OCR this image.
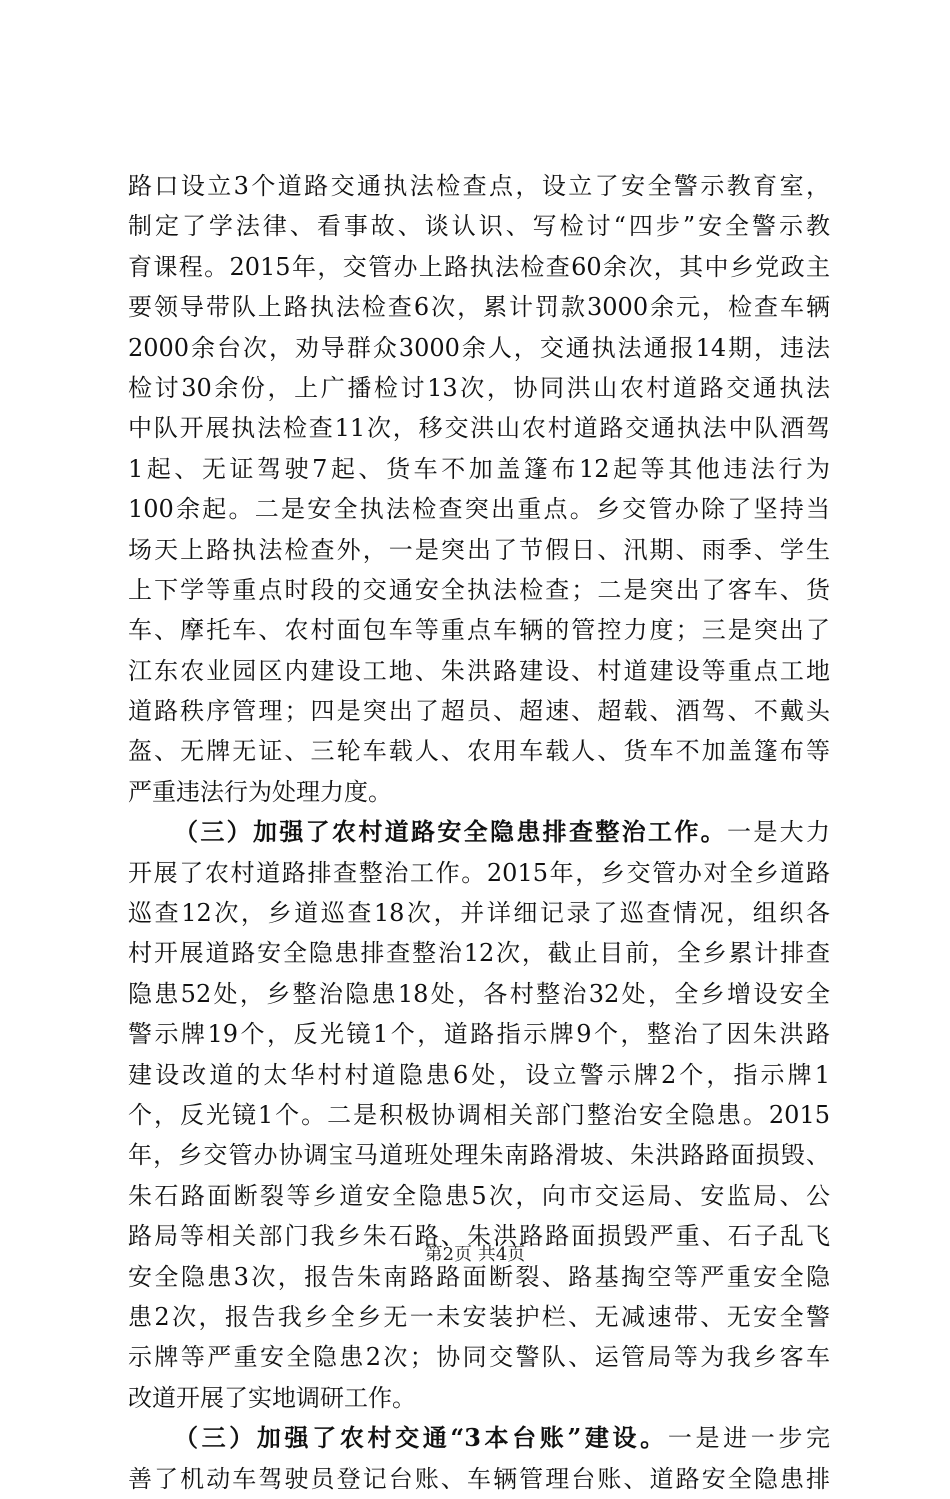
路口设立3个道路交通执法检查点，设立了安全警示教育室，
制定了学法律、看事故、谈认识、写检讨“四步”安全警示教
育课程。2015年，交管办上路执法检查60余次，其中乡党政主
要领导带队上路执法检查6次，累计罚款3000余元，检查车辆
2000余台次，劝导群众3000余人，交通执法通报14期，违法
检讨30余份，上广播检讨13次，协同洪山农村道路交通执法
中队开展执法检查11次，移交洪山农村道路交通执法中队酒驾
1起、无证驾驶7起、货车不加盖篷布12起等其他违法行为
100余起。二是安全执法检查突出重点。乡交管办除了坚持当
场天上路执法检查外，一是突出了节假日、汛期、雨季、学生
上下学等重点时段的交通安全执法检查；二是突出了客车、货
车、摩托车、农村面包车等重点车辆的管控力度；三是突出了
江东农业园区内建设工地、朱洪路建设、村道建设等重点工地
道路秩序管理；四是突出了超员、超速、超载、酒驾、不戴头
盔、无牌无证、三轮车载人、农用车载人、货车不加盖篷布等
严重违法行为处理力度。
（三）加强了农村道路安全隐患排查整治工作。一是大力
开展了农村道路排查整治工作。2015年，乡交管办对全乡道路
巡查12次，乡道巡查18次，并详细记录了巡查情况，组织各
村开展道路安全隐患排查整治12次，截止目前，全乡累计排查
隐患52处，乡整治隐患18处，各村整治32处，全乡增设安全
警示牌19个，反光镜1个，道路指示牌9个，整治了因朱洪路
建设改道的太华村村道隐患6处，设立警示牌2个，指示牌1
个，反光镜1个。二是积极协调相关部门整治安全隐患。2015
年，乡交管办协调宝马道班处理朱南路滑坡、朱洪路路面损毁、
朱石路面断裂等乡道安全隐患5次，向市交运局、安监局、公
路局等相关部门我乡朱石路、朱洪路路面损毁严重、石子乱飞
安全隐患3次，报告朱南路路面断裂、路基掏空等严重安全隐
患2次，报告我乡全乡无一未安装护栏、无减速带、无安全警
示牌等严重安全隐患2次；协同交警队、运管局等为我乡客车
改道开展了实地调研工作。
（三）加强了农村交通“3本台账”建设。一是进一步完
善了机动车驾驶员登记台账、车辆管理台账、道路安全隐患排
第2页 共4页
